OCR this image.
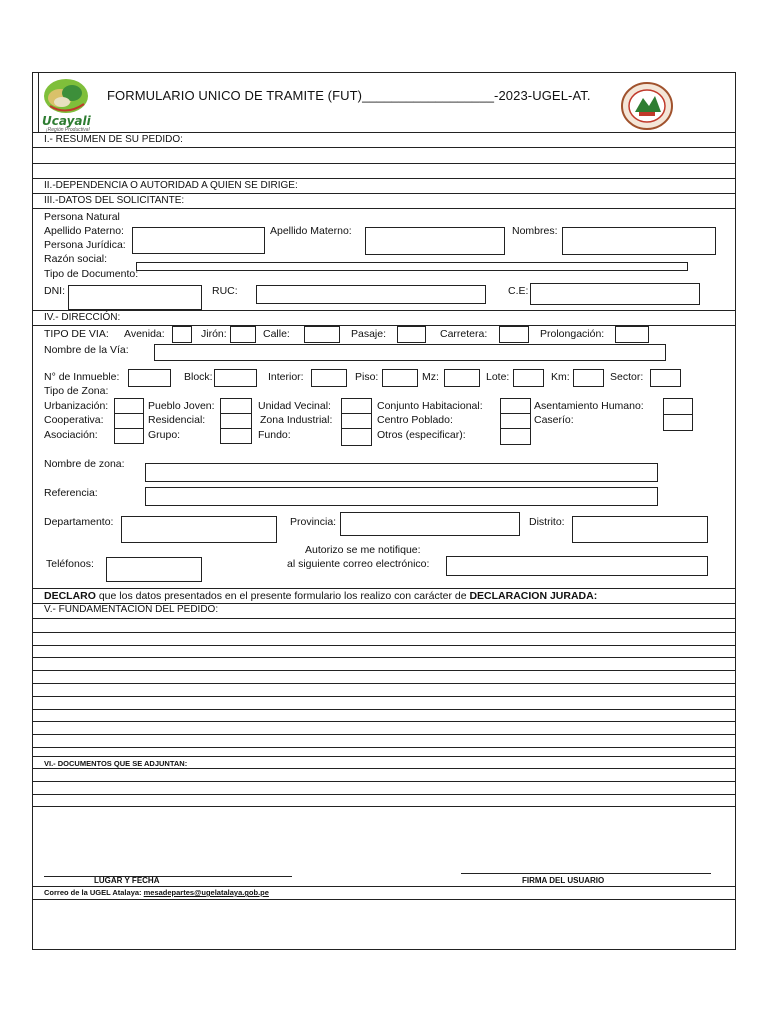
Ucayali
¡Región Productiva!
FORMULARIO UNICO DE TRAMITE (FUT)__________________-2023-UGEL-AT.
I.- RESUMEN DE SU PEDIDO:
II.-DEPENDENCIA O AUTORIDAD A QUIEN SE DIRIGE:
III.-DATOS DEL SOLICITANTE:
Persona Natural
Apellido Paterno:	Apellido Materno:	Nombres:
Persona Jurídica:
Razón social:
Tipo de Documento:
DNI:	RUC:	C.E:
IV.- DIRECCIÓN:
TIPO DE VIA: Avenida:	Jirón:	Calle:	Pasaje:	Carretera:	Prolongación:
Nombre de la Vía:
N° de Inmueble:	Block:	Interior:	Piso:	Mz:	Lote:	Km:	Sector:
Tipo de Zona:
Urbanización:	Pueblo Joven:	Unidad Vecinal:	Conjunto Habitacional:	Asentamiento Humano:
Cooperativa:	Residencial:	Zona Industrial:	Centro Poblado:	Caserío:
Asociación:	Grupo:	Fundo:	Otros (especificar):
Nombre de zona:
Referencia:
Departamento:	Provincia:	Distrito:
Autorizo se me notifique:
Teléfonos:	al siguiente correo electrónico:
DECLARO que los datos presentados en el presente formulario los realizo con carácter de DECLARACION JURADA:
V.- FUNDAMENTACION DEL PEDIDO:
VI.- DOCUMENTOS QUE SE ADJUNTAN:
LUGAR Y FECHA	FIRMA DEL USUARIO
Correo de la UGEL Atalaya: mesadepartes@ugelatalaya.gob.pe
